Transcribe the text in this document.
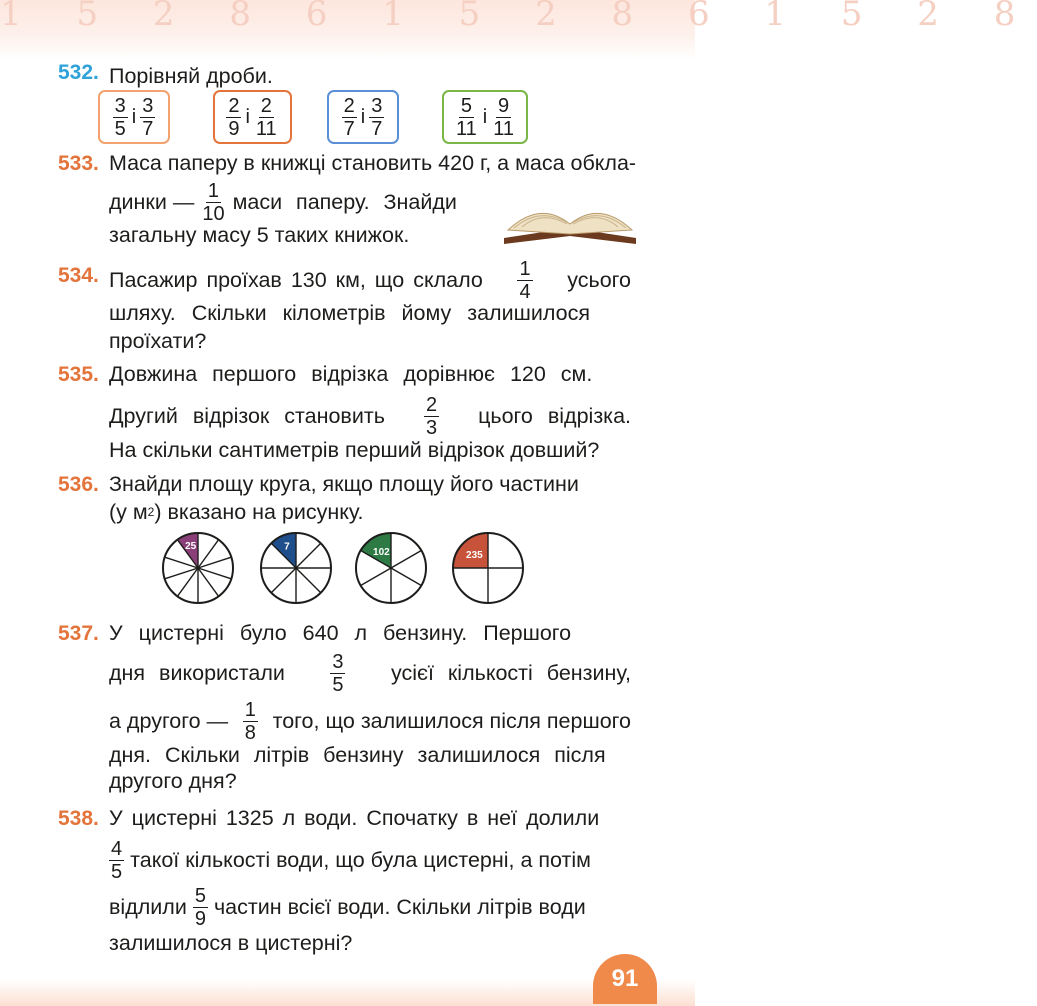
1 5 2 8 6 1 5 2 8 6 1 5 2 8
532. Порівняй дроби.
$\frac{3}{5}$ і $\frac{3}{7}$	$\frac{2}{9}$ і $\frac{2}{11}$	$\frac{2}{7}$ і $\frac{3}{7}$	$\frac{5}{11}$ і $\frac{9}{11}$
533. Маса паперу в книжці становить 420 г, а маса обкла-
динки — $\frac{1}{10}$ маси паперу. Знайди
загальну масу 5 таких книжок.
534. Пасажир проїхав 130 км, що склало $\frac{1}{4}$ усього
шляху. Скільки кілометрів йому залишилося
проїхати?
535. Довжина першого відрізка дорівнює 120 см.
Другий відрізок становить $\frac{2}{3}$ цього відрізка.
На скільки сантиметрів перший відрізок довший?
536. Знайди площу круга, якщо площу його частини
(у м 2 ) вказано на рисунку.
25	7	102	235
537. У цистерні було 640 л бензину. Першого
дня використали $\frac{3}{5}$ усієї кількості бензину,
а другого — $\frac{1}{8}$ того, що залишилося після першого
дня. Скільки літрів бензину залишилося після
другого дня?
538. У цистерні 1325 л води. Спочатку в неї долили
$\frac{4}{5}$ такої кількості води, що була цистерні, а потім
відлили $\frac{5}{9}$ частин всієї води. Скільки літрів води
залишилося в цистерні?
91
